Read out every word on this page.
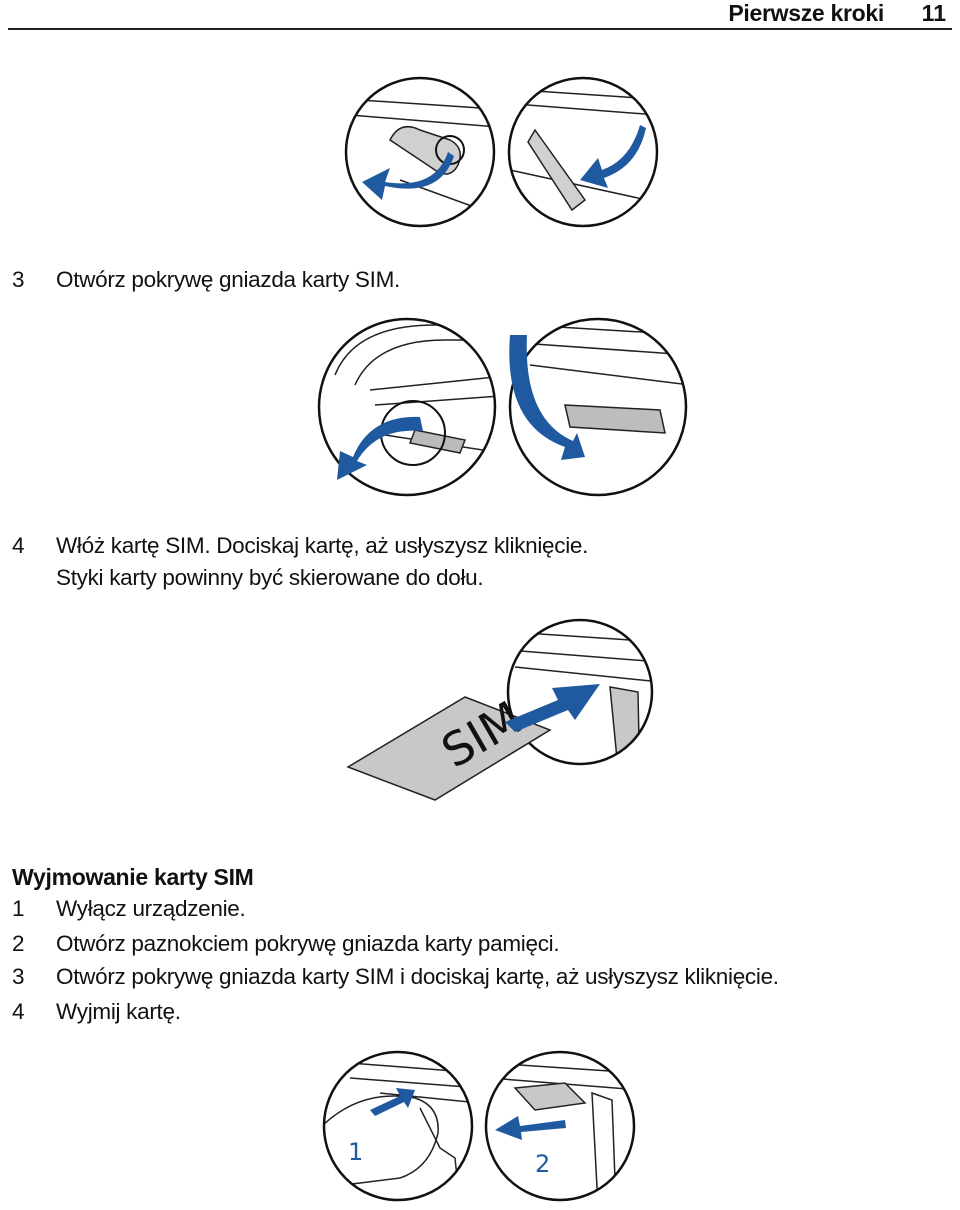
Pierwsze kroki 11
3 Otwórz pokrywę gniazda karty SIM.
4 Włóż kartę SIM. Dociskaj kartę, aż usłyszysz kliknięcie.
Styki karty powinny być skierowane do dołu.
SIM
Wyjmowanie karty SIM
1 Wyłącz urządzenie.
2 Otwórz paznokciem pokrywę gniazda karty pamięci.
3 Otwórz pokrywę gniazda karty SIM i dociskaj kartę, aż usłyszysz kliknięcie.
4 Wyjmij kartę.
1	2
